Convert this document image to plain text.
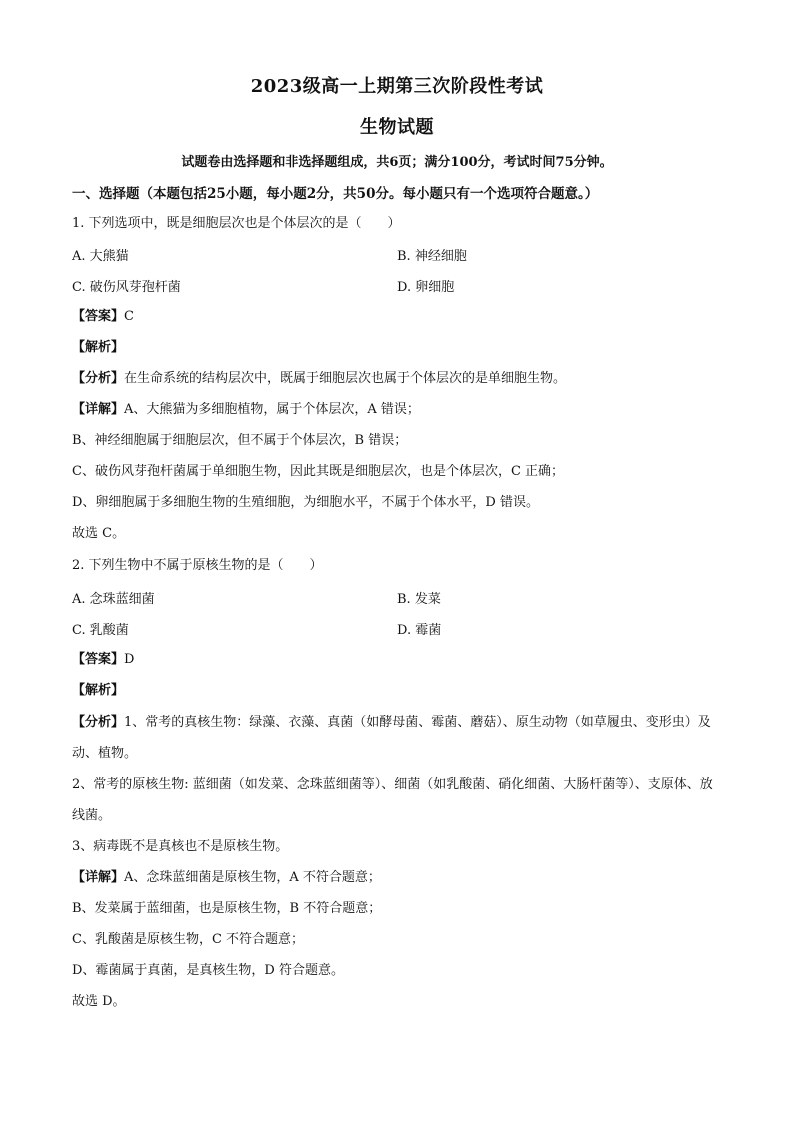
2023级高一上期第三次阶段性考试
生物试题
试题卷由选择题和非选择题组成，共6页；满分100分，考试时间75分钟。
一、选择题（本题包括25小题，每小题2分，共50分。每小题只有一个选项符合题意。）
1. 下列选项中，既是细胞层次也是个体层次的是（　　）
A. 大熊猫	B. 神经细胞
C. 破伤风芽孢杆菌	D. 卵细胞
【答案】C
【解析】
【分析】在生命系统的结构层次中，既属于细胞层次也属于个体层次的是单细胞生物。
【详解】A、大熊猫为多细胞植物，属于个体层次，A 错误；
B、神经细胞属于细胞层次，但不属于个体层次，B 错误；
C、破伤风芽孢杆菌属于单细胞生物，因此其既是细胞层次，也是个体层次，C 正确；
D、卵细胞属于多细胞生物的生殖细胞，为细胞水平，不属于个体水平，D 错误。
故选 C。
2. 下列生物中不属于原核生物的是（　　）
A. 念珠蓝细菌	B. 发菜
C. 乳酸菌	D. 霉菌
【答案】D
【解析】
【分析】1、常考的真核生物：绿藻、衣藻、真菌（如酵母菌、霉菌、蘑菇）、原生动物（如草履虫、变形虫）及动、植物。
2、常考的原核生物: 蓝细菌（如发菜、念珠蓝细菌等）、细菌（如乳酸菌、硝化细菌、大肠杆菌等）、支原体、放线菌。
3、病毒既不是真核也不是原核生物。
【详解】A、念珠蓝细菌是原核生物，A 不符合题意；
B、发菜属于蓝细菌，也是原核生物，B 不符合题意；
C、乳酸菌是原核生物，C 不符合题意；
D、霉菌属于真菌，是真核生物，D 符合题意。
故选 D。
